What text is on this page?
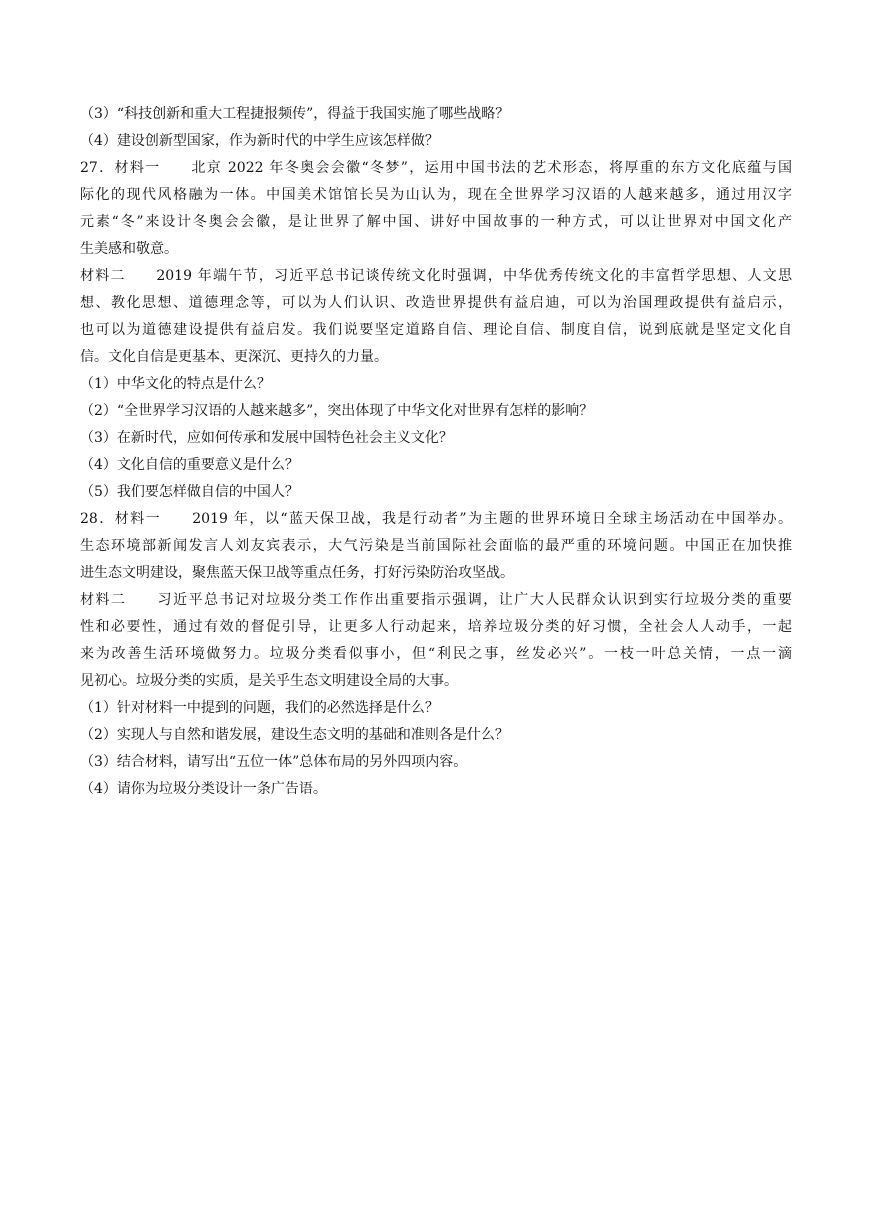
（3）“科技创新和重大工程捷报频传”，得益于我国实施了哪些战略？
（4）建设创新型国家，作为新时代的中学生应该怎样做？
27．材料一　　北京 2022 年冬奥会会徽“冬梦”，运用中国书法的艺术形态，将厚重的东方文化底蕴与国
际化的现代风格融为一体。中国美术馆馆长吴为山认为，现在全世界学习汉语的人越来越多，通过用汉字
元素“冬”来设计冬奥会会徽，是让世界了解中国、讲好中国故事的一种方式，可以让世界对中国文化产
生美感和敬意。
材料二　　2019 年端午节，习近平总书记谈传统文化时强调，中华优秀传统文化的丰富哲学思想、人文思
想、教化思想、道德理念等，可以为人们认识、改造世界提供有益启迪，可以为治国理政提供有益启示，
也可以为道德建设提供有益启发。我们说要坚定道路自信、理论自信、制度自信，说到底就是坚定文化自
信。文化自信是更基本、更深沉、更持久的力量。
（1）中华文化的特点是什么？
（2）“全世界学习汉语的人越来越多”，突出体现了中华文化对世界有怎样的影响？
（3）在新时代，应如何传承和发展中国特色社会主义文化？
（4）文化自信的重要意义是什么？
（5）我们要怎样做自信的中国人？
28．材料一　　2019 年，以“蓝天保卫战，我是行动者”为主题的世界环境日全球主场活动在中国举办。
生态环境部新闻发言人刘友宾表示，大气污染是当前国际社会面临的最严重的环境问题。中国正在加快推
进生态文明建设，聚焦蓝天保卫战等重点任务，打好污染防治攻坚战。
材料二　　习近平总书记对垃圾分类工作作出重要指示强调，让广大人民群众认识到实行垃圾分类的重要
性和必要性，通过有效的督促引导，让更多人行动起来，培养垃圾分类的好习惯，全社会人人动手，一起
来为改善生活环境做努力。垃圾分类看似事小，但“利民之事，丝发必兴”。一枝一叶总关情，一点一滴
见初心。垃圾分类的实质，是关乎生态文明建设全局的大事。
（1）针对材料一中提到的问题，我们的必然选择是什么？
（2）实现人与自然和谐发展，建设生态文明的基础和准则各是什么？
（3）结合材料，请写出“五位一体”总体布局的另外四项内容。
（4）请你为垃圾分类设计一条广告语。
